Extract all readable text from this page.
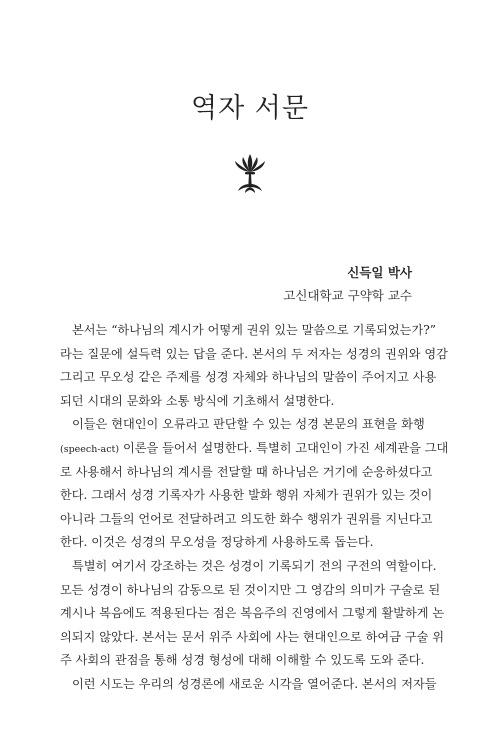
역자 서문
신득일 박사
고신대학교 구약학 교수
본서는 “하나님의 계시가 어떻게 권위 있는 말씀으로 기록되었는가?”
라는 질문에 설득력 있는 답을 준다. 본서의 두 저자는 성경의 권위와 영감
그리고 무오성 같은 주제를 성경 자체와 하나님의 말씀이 주어지고 사용
되던 시대의 문화와 소통 방식에 기초해서 설명한다.
이들은 현대인이 오류라고 판단할 수 있는 성경 본문의 표현을 화행
(speech-act) 이론을 들어서 설명한다. 특별히 고대인이 가진 세계관을 그대
로 사용해서 하나님의 계시를 전달할 때 하나님은 거기에 순응하셨다고
한다. 그래서 성경 기록자가 사용한 발화 행위 자체가 권위가 있는 것이
아니라 그들의 언어로 전달하려고 의도한 화수 행위가 권위를 지닌다고
한다. 이것은 성경의 무오성을 정당하게 사용하도록 돕는다.
특별히 여기서 강조하는 것은 성경이 기록되기 전의 구전의 역할이다.
모든 성경이 하나님의 감동으로 된 것이지만 그 영감의 의미가 구술로 된
계시나 복음에도 적용된다는 점은 복음주의 진영에서 그렇게 활발하게 논
의되지 않았다. 본서는 문서 위주 사회에 사는 현대인으로 하여금 구술 위
주 사회의 관점을 통해 성경 형성에 대해 이해할 수 있도록 도와 준다.
이런 시도는 우리의 성경론에 새로운 시각을 열어준다. 본서의 저자들
